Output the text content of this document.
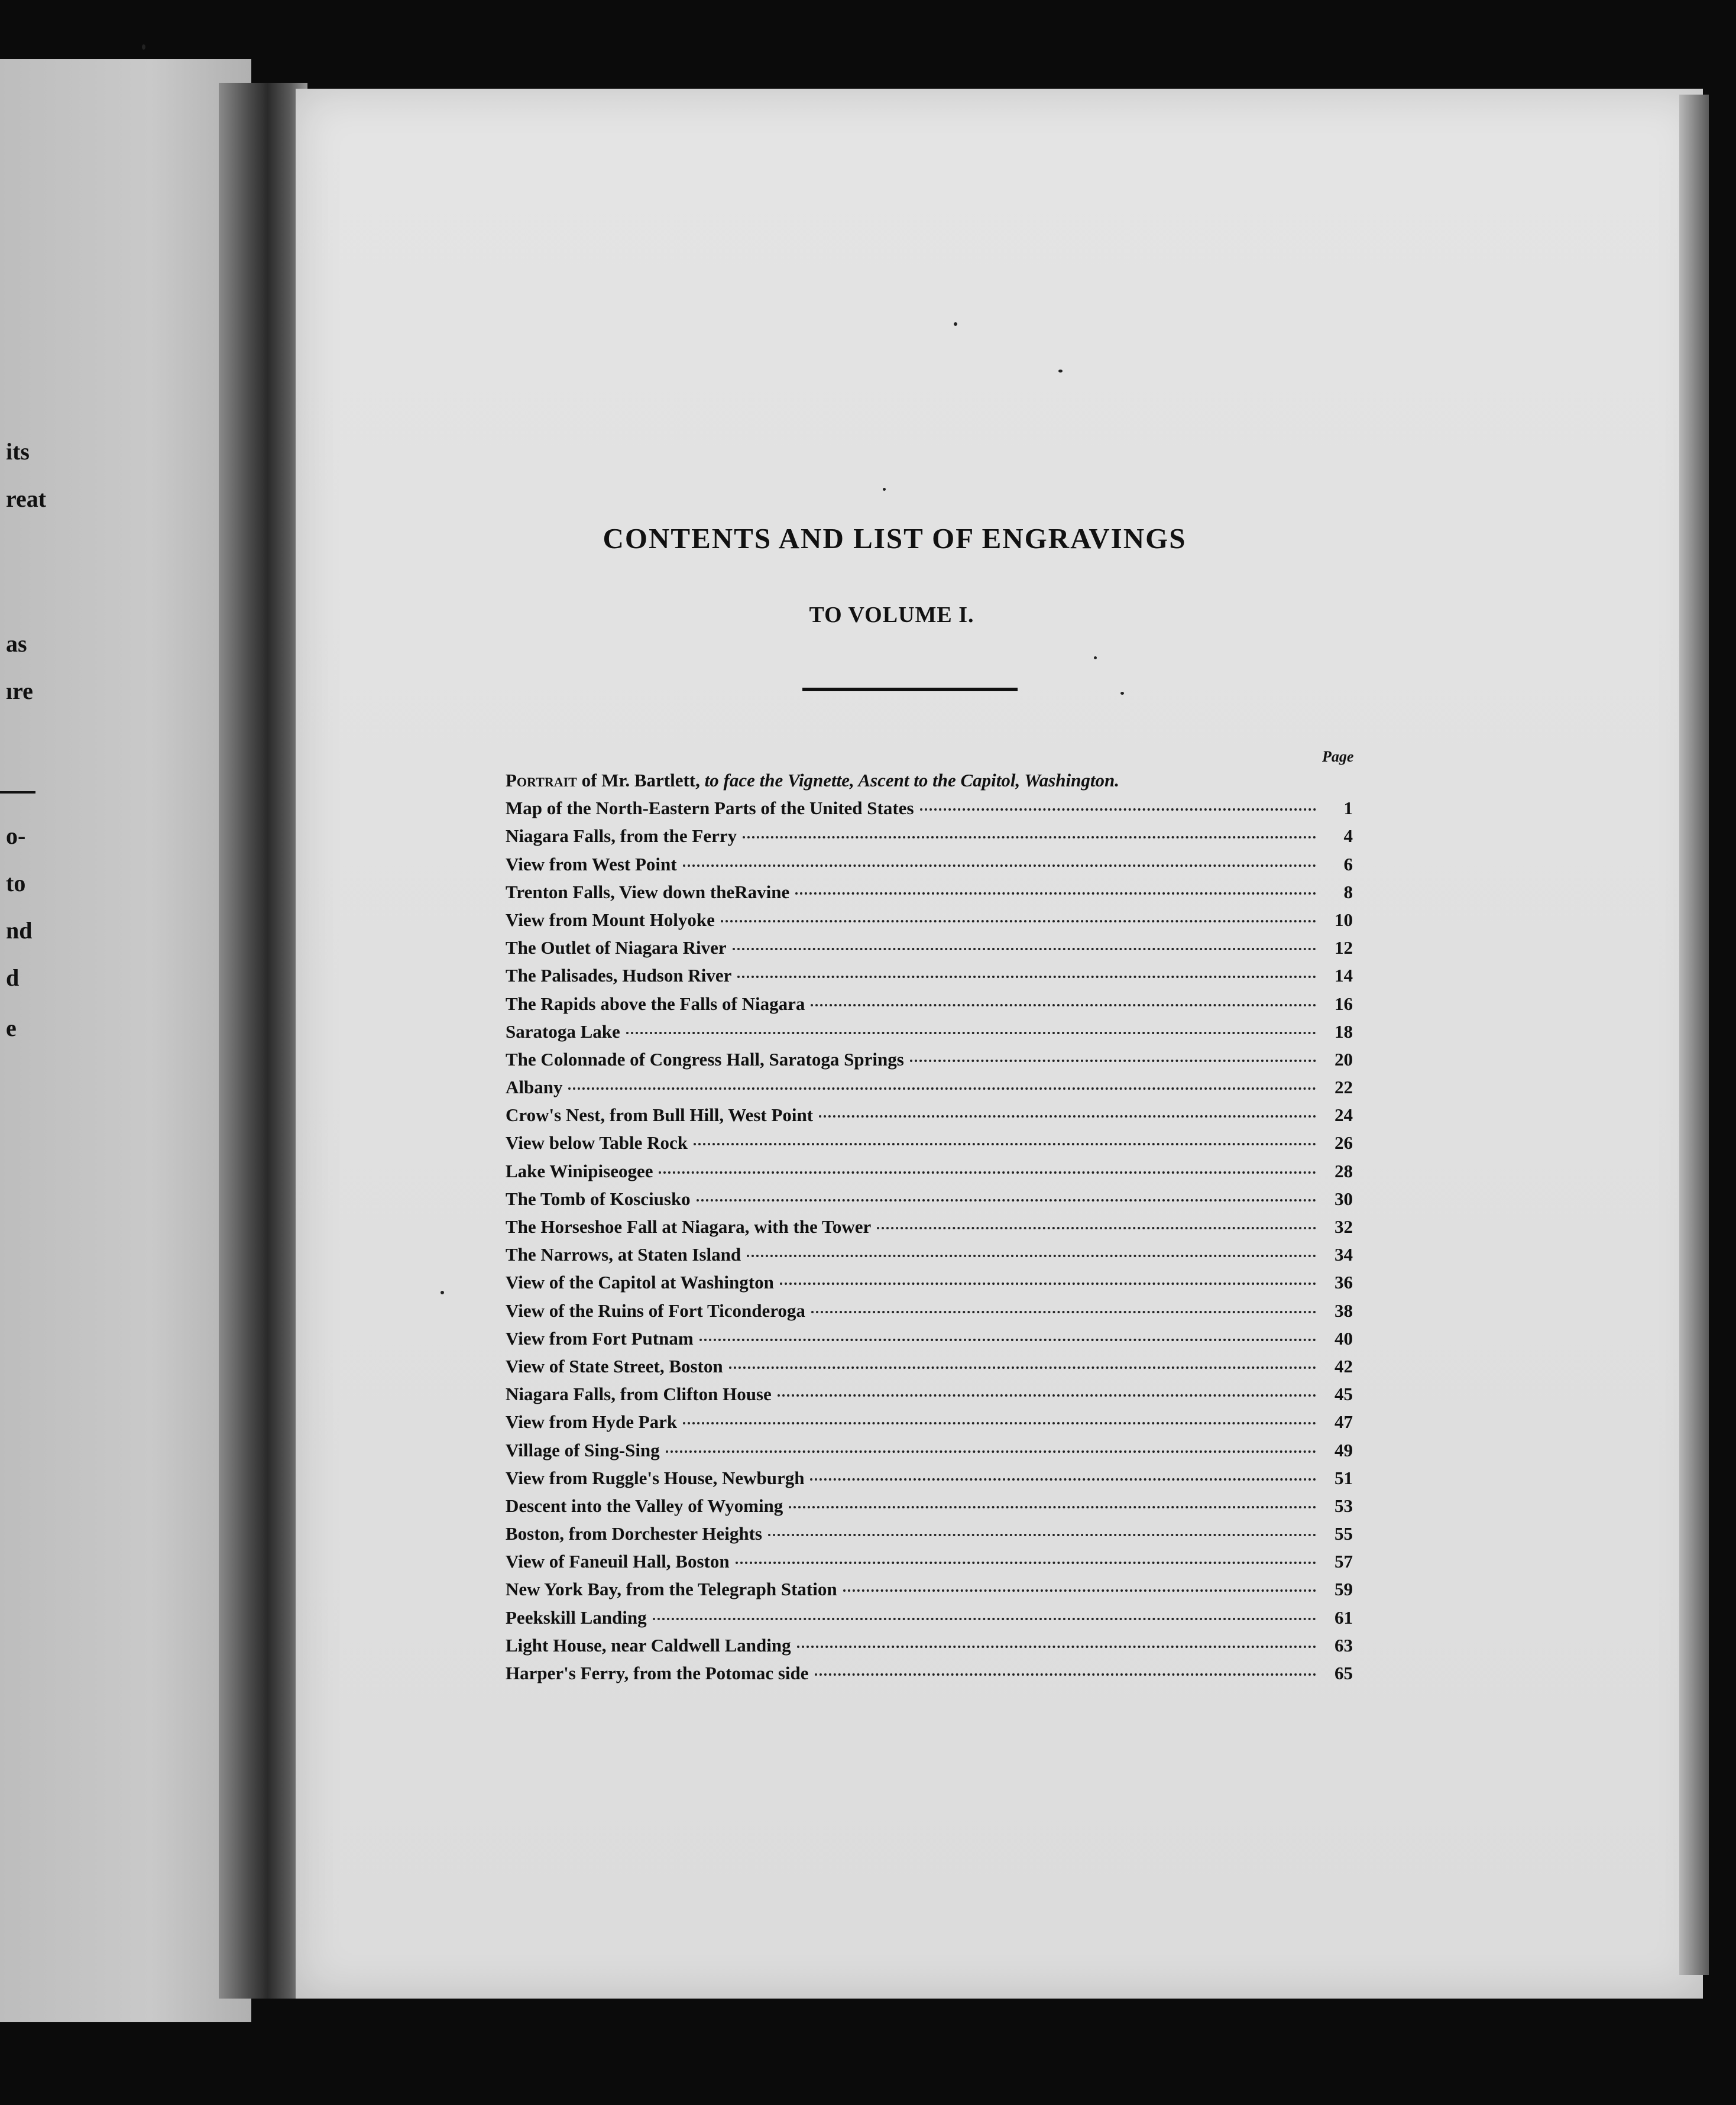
its
reat
as
ıre
o-
to
nd
d
e
CONTENTS AND LIST OF ENGRAVINGS
TO VOLUME I.
Page
Portrait of Mr. Bartlett, to face the Vignette, Ascent to the Capitol, Washington.
Map of the North-Eastern Parts of the United States	1
Niagara Falls, from the Ferry	4
View from West Point	6
Trenton Falls, View down theRavine	8
View from Mount Holyoke	10
The Outlet of Niagara River	12
The Palisades, Hudson River	14
The Rapids above the Falls of Niagara	16
Saratoga Lake	18
The Colonnade of Congress Hall, Saratoga Springs	20
Albany	22
Crow's Nest, from Bull Hill, West Point	24
View below Table Rock	26
Lake Winipiseogee	28
The Tomb of Kosciusko	30
The Horseshoe Fall at Niagara, with the Tower	32
The Narrows, at Staten Island	34
View of the Capitol at Washington	36
View of the Ruins of Fort Ticonderoga	38
View from Fort Putnam	40
View of State Street, Boston	42
Niagara Falls, from Clifton House	45
View from Hyde Park	47
Village of Sing-Sing	49
View from Ruggle's House, Newburgh	51
Descent into the Valley of Wyoming	53
Boston, from Dorchester Heights	55
View of Faneuil Hall, Boston	57
New York Bay, from the Telegraph Station	59
Peekskill Landing	61
Light House, near Caldwell Landing	63
Harper's Ferry, from the Potomac side	65
